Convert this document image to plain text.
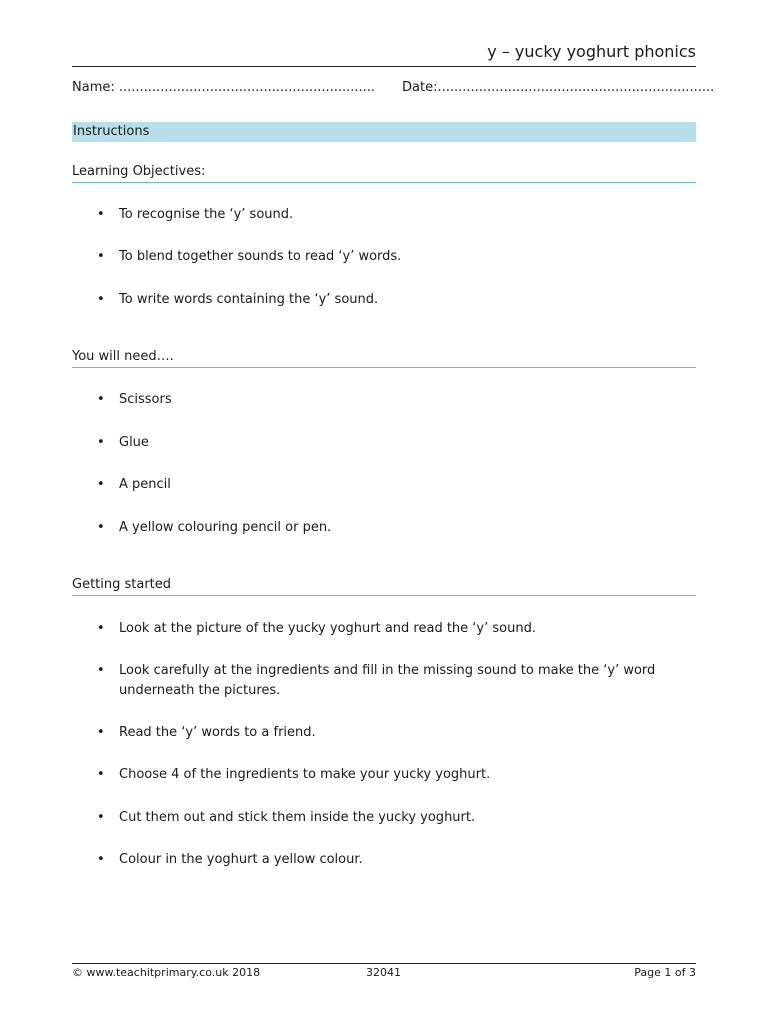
y – yucky yoghurt phonics
Name: .............................................................. Date:...................................................................
Instructions
Learning Objectives:
• To recognise the ‘y’ sound.
• To blend together sounds to read ‘y’ words.
• To write words containing the ‘y’ sound.
You will need….
• Scissors
• Glue
• A pencil
• A yellow colouring pencil or pen.
Getting started
• Look at the picture of the yucky yoghurt and read the ‘y’ sound.
• Look carefully at the ingredients and fill in the missing sound to make the ‘y’ word underneath the pictures.
• Read the ‘y’ words to a friend.
• Choose 4 of the ingredients to make your yucky yoghurt.
• Cut them out and stick them inside the yucky yoghurt.
• Colour in the yoghurt a yellow colour.
© www.teachitprimary.co.uk 2018	32041	Page 1 of 3
